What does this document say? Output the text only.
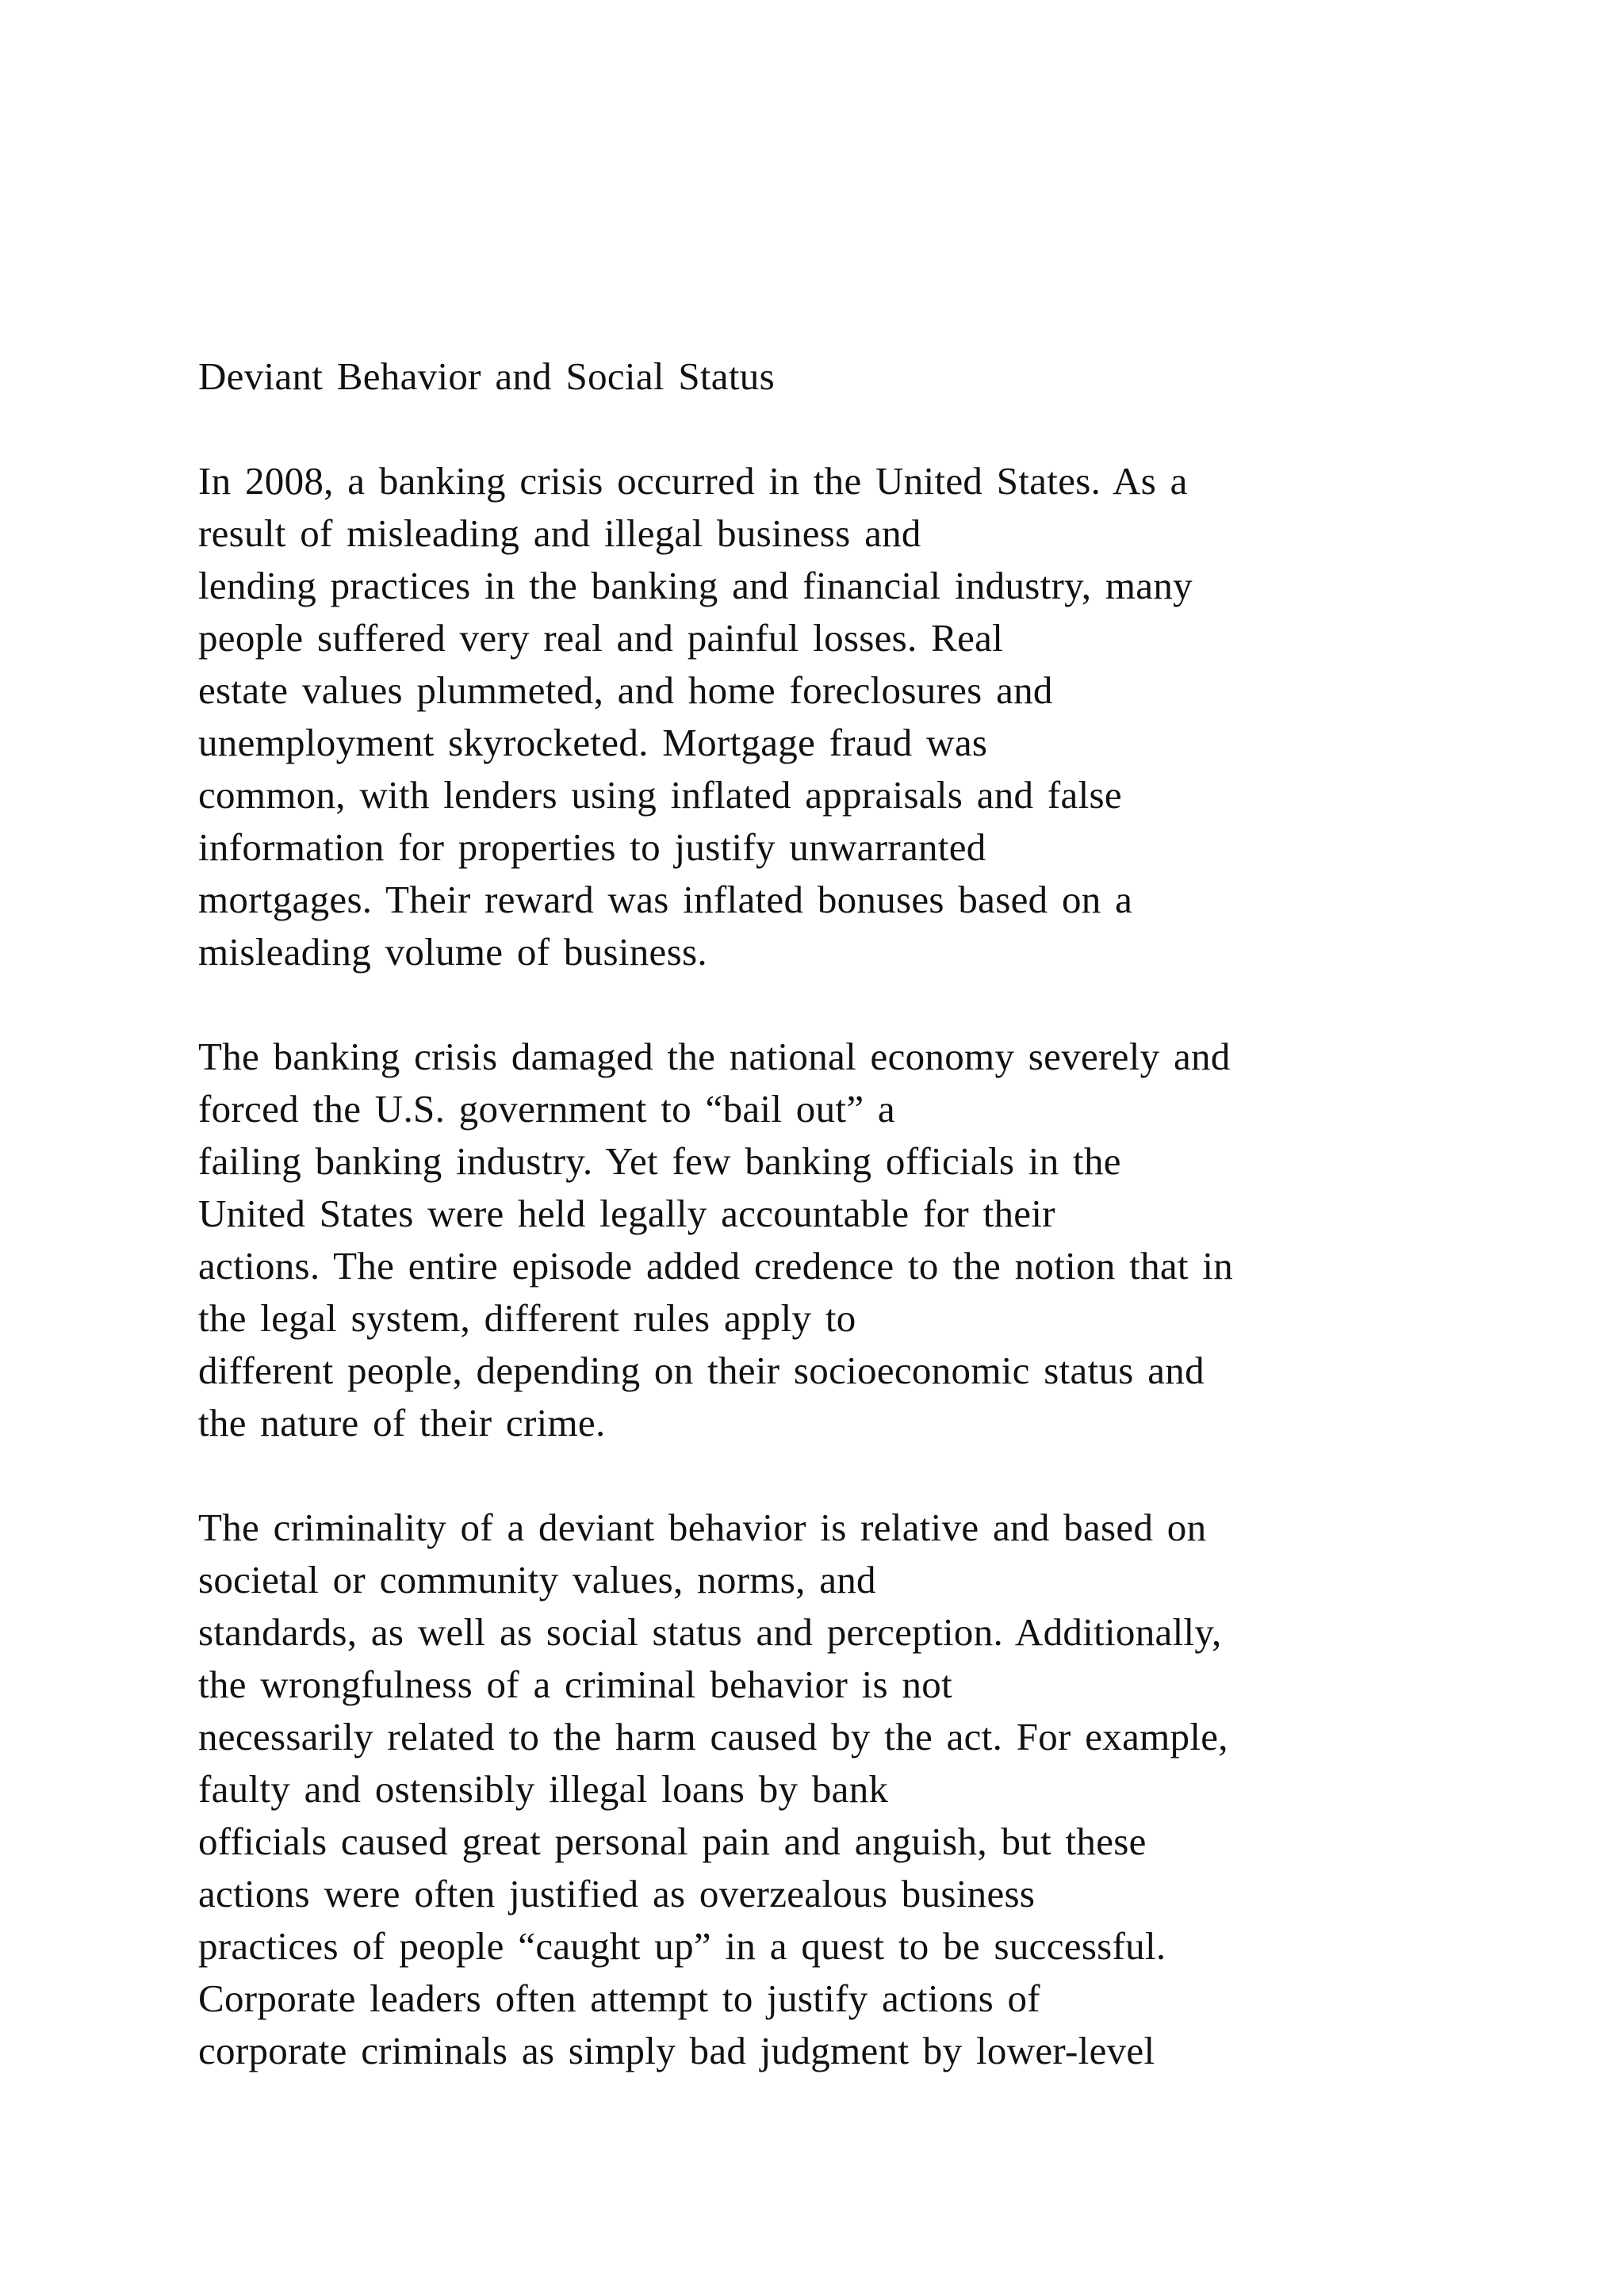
Deviant Behavior and Social Status
In 2008, a banking crisis occurred in the United States. As a
result of misleading and illegal business and
lending practices in the banking and financial industry, many
people suffered very real and painful losses. Real
estate values plummeted, and home foreclosures and
unemployment skyrocketed. Mortgage fraud was
common, with lenders using inflated appraisals and false
information for properties to justify unwarranted
mortgages. Their reward was inflated bonuses based on a
misleading volume of business.
The banking crisis damaged the national economy severely and
forced the U.S. government to “bail out” a
failing banking industry. Yet few banking officials in the
United States were held legally accountable for their
actions. The entire episode added credence to the notion that in
the legal system, different rules apply to
different people, depending on their socioeconomic status and
the nature of their crime.
The criminality of a deviant behavior is relative and based on
societal or community values, norms, and
standards, as well as social status and perception. Additionally,
the wrongfulness of a criminal behavior is not
necessarily related to the harm caused by the act. For example,
faulty and ostensibly illegal loans by bank
officials caused great personal pain and anguish, but these
actions were often justified as overzealous business
practices of people “caught up” in a quest to be successful.
Corporate leaders often attempt to justify actions of
corporate criminals as simply bad judgment by lower-level
